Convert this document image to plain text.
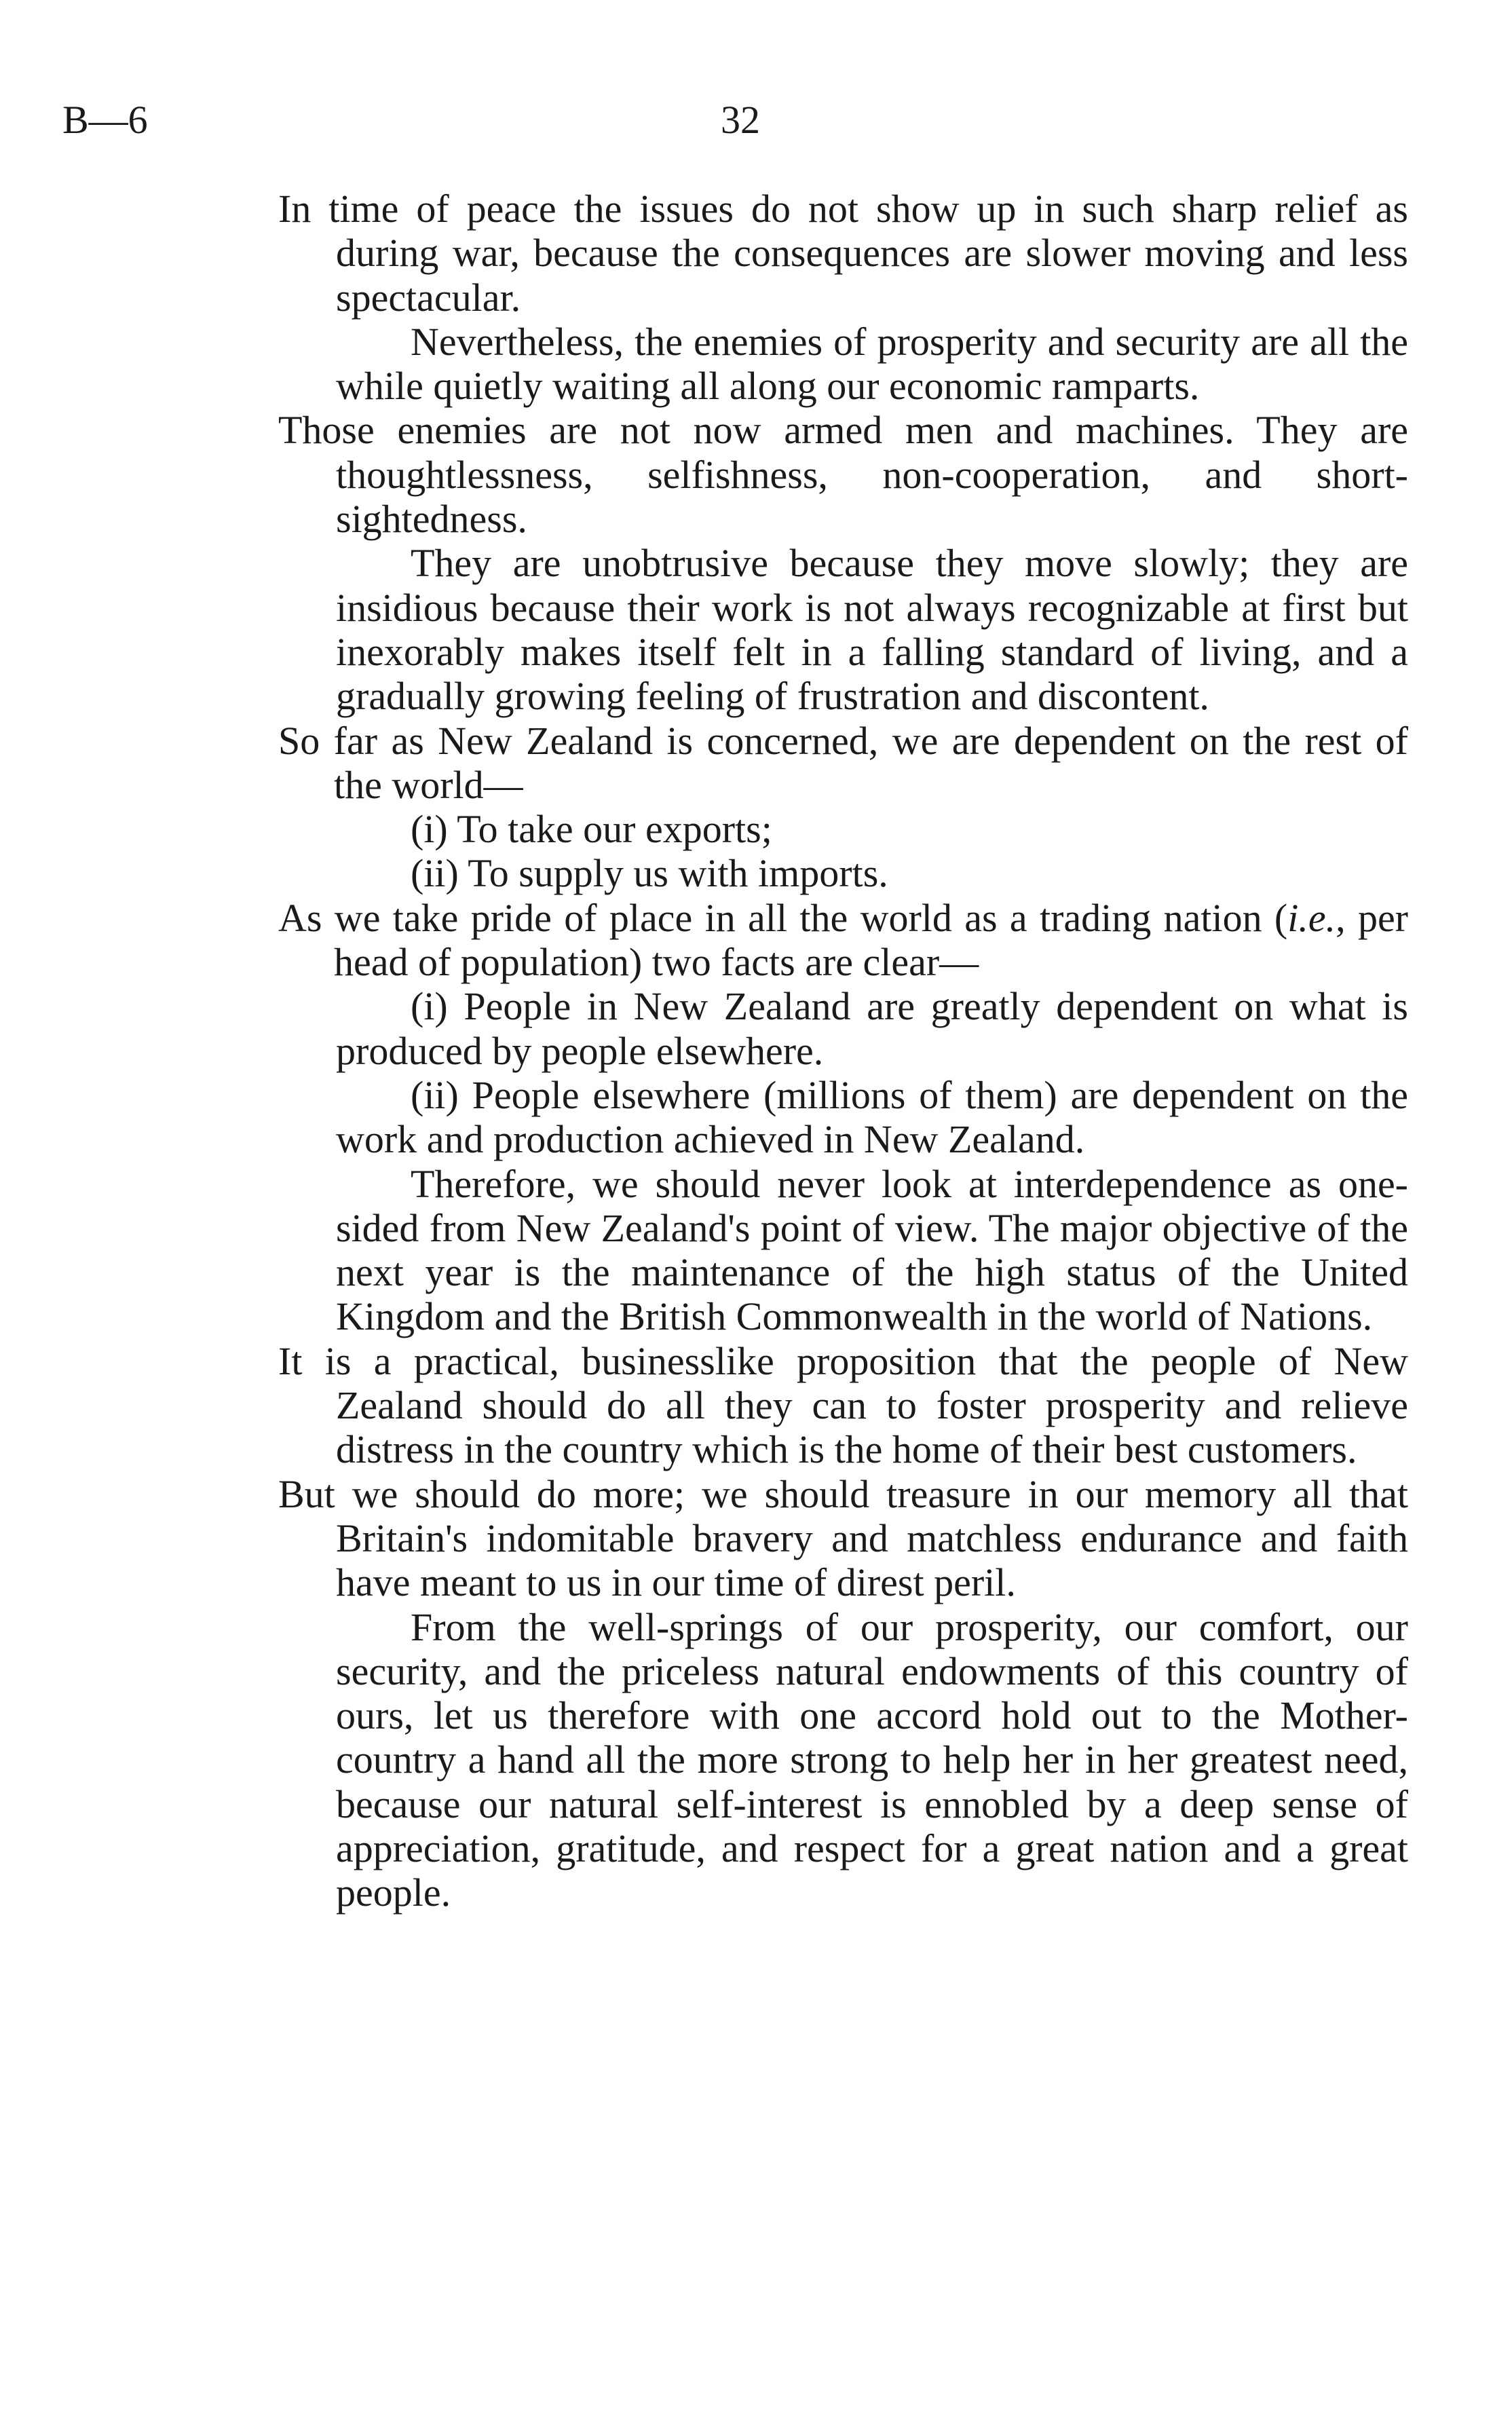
B—6	32

In time of peace the issues do not show up in such sharp relief as during war, because the consequences are slower moving and less spectacular.

Nevertheless, the enemies of prosperity and security are all the while quietly waiting all along our economic ramparts.

Those enemies are not now armed men and machines. They are thoughtlessness, selfishness, non-cooperation, and short-sightedness.

They are unobtrusive because they move slowly; they are insidious because their work is not always recognizable at first but inexorably makes itself felt in a falling standard of living, and a gradually growing feeling of frustration and discontent.

So far as New Zealand is concerned, we are dependent on the rest of the world—

(i) To take our exports;

(ii) To supply us with imports.

As we take pride of place in all the world as a trading nation (i.e., per head of population) two facts are clear—

(i) People in New Zealand are greatly dependent on what is produced by people elsewhere.

(ii) People elsewhere (millions of them) are dependent on the work and production achieved in New Zealand.

Therefore, we should never look at interdependence as one-sided from New Zealand's point of view. The major objective of the next year is the maintenance of the high status of the United Kingdom and the British Commonwealth in the world of Nations.

It is a practical, businesslike proposition that the people of New Zealand should do all they can to foster prosperity and relieve distress in the country which is the home of their best customers.

But we should do more; we should treasure in our memory all that Britain's indomitable bravery and matchless endurance and faith have meant to us in our time of direst peril.

From the well-springs of our prosperity, our comfort, our security, and the priceless natural endowments of this country of ours, let us therefore with one accord hold out to the Mother-country a hand all the more strong to help her in her greatest need, because our natural self-interest is ennobled by a deep sense of appreciation, gratitude, and respect for a great nation and a great people.
